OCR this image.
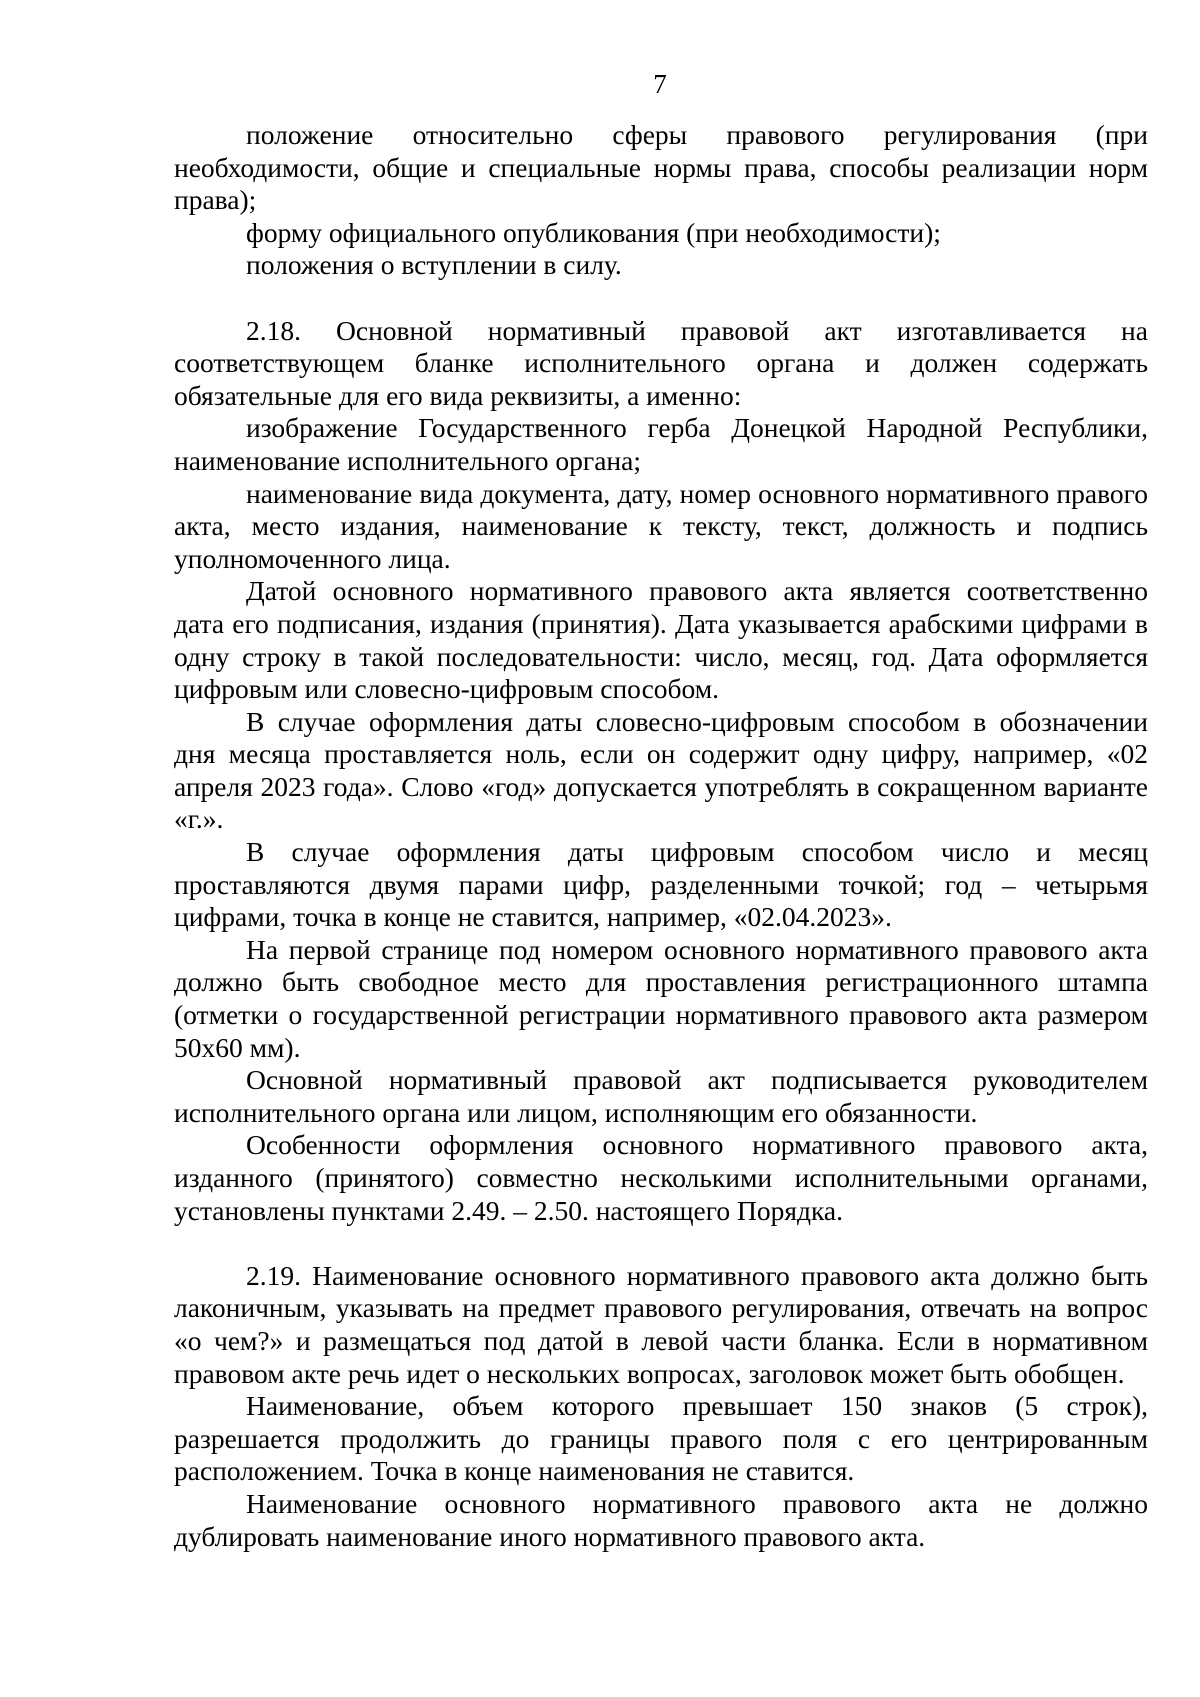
7

положение относительно сферы правового регулирования (при необходимости, общие и специальные нормы права, способы реализации норм права);

форму официального опубликования (при необходимости);

положения о вступлении в силу.

2.18. Основной нормативный правовой акт изготавливается на соответствующем бланке исполнительного органа и должен содержать обязательные для его вида реквизиты, а именно:

изображение Государственного герба Донецкой Народной Республики, наименование исполнительного органа;

наименование вида документа, дату, номер основного нормативного правого акта, место издания, наименование к тексту, текст, должность и подпись уполномоченного лица.

Датой основного нормативного правового акта является соответственно дата его подписания, издания (принятия). Дата указывается арабскими цифрами в одну строку в такой последовательности: число, месяц, год. Дата оформляется цифровым или словесно-цифровым способом.

В случае оформления даты словесно-цифровым способом в обозначении дня месяца проставляется ноль, если он содержит одну цифру, например, «02 апреля 2023 года». Слово «год» допускается употреблять в сокращенном варианте «г.».

В случае оформления даты цифровым способом число и месяц проставляются двумя парами цифр, разделенными точкой; год – четырьмя цифрами, точка в конце не ставится, например, «02.04.2023».

На первой странице под номером основного нормативного правового акта должно быть свободное место для проставления регистрационного штампа (отметки о государственной регистрации нормативного правового акта размером 50х60 мм).

Основной нормативный правовой акт подписывается руководителем исполнительного органа или лицом, исполняющим его обязанности.

Особенности оформления основного нормативного правового акта, изданного (принятого) совместно несколькими исполнительными органами, установлены пунктами 2.49. – 2.50. настоящего Порядка.

2.19. Наименование основного нормативного правового акта должно быть лаконичным, указывать на предмет правового регулирования, отвечать на вопрос «о чем?» и размещаться под датой в левой части бланка. Если в нормативном правовом акте речь идет о нескольких вопросах, заголовок может быть обобщен.

Наименование, объем которого превышает 150 знаков (5 строк), разрешается продолжить до границы правого поля с его центрированным расположением. Точка в конце наименования не ставится.

Наименование основного нормативного правового акта не должно дублировать наименование иного нормативного правового акта.
